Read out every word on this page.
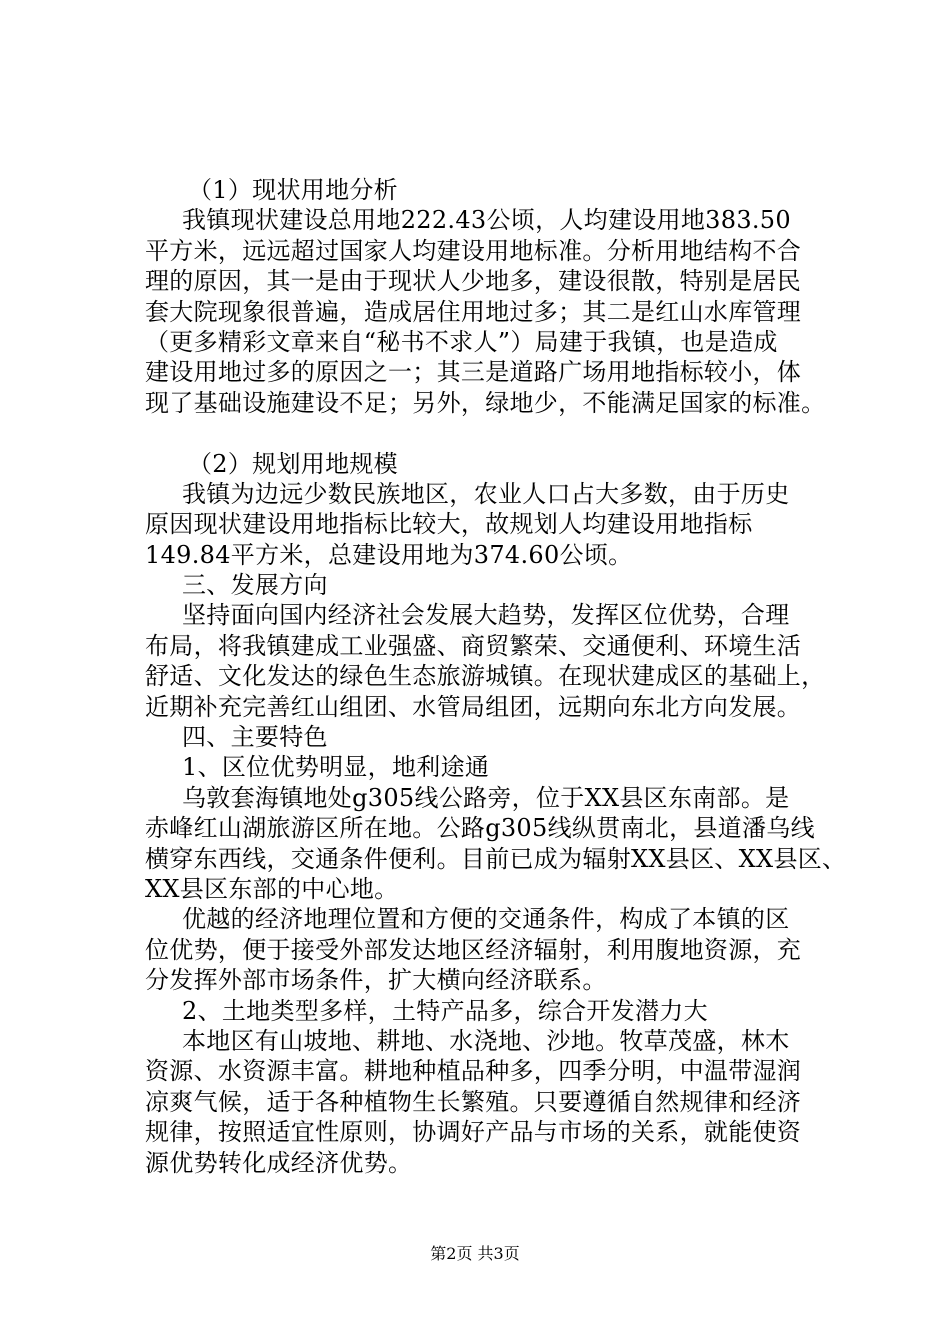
（1）现状用地分析
我镇现状建设总用地222.43公顷，人均建设用地383.50
平方米，远远超过国家人均建设用地标准。分析用地结构不合
理的原因，其一是由于现状人少地多，建设很散，特别是居民
套大院现象很普遍，造成居住用地过多；其二是红山水库管理
（更多精彩文章来自“秘书不求人”）局建于我镇，也是造成
建设用地过多的原因之一；其三是道路广场用地指标较小，体
现了基础设施建设不足；另外，绿地少，不能满足国家的标准。
（2）规划用地规模
我镇为边远少数民族地区，农业人口占大多数，由于历史
原因现状建设用地指标比较大，故规划人均建设用地指标
149.84平方米，总建设用地为374.60公顷。
三、发展方向
坚持面向国内经济社会发展大趋势，发挥区位优势，合理
布局，将我镇建成工业强盛、商贸繁荣、交通便利、环境生活
舒适、文化发达的绿色生态旅游城镇。在现状建成区的基础上，
近期补充完善红山组团、水管局组团，远期向东北方向发展。
四、主要特色
1、区位优势明显，地利途通
乌敦套海镇地处g305线公路旁，位于XX县区东南部。是
赤峰红山湖旅游区所在地。公路g305线纵贯南北，县道潘乌线
横穿东西线，交通条件便利。目前已成为辐射XX县区、XX县区、
XX县区东部的中心地。
优越的经济地理位置和方便的交通条件，构成了本镇的区
位优势，便于接受外部发达地区经济辐射，利用腹地资源，充
分发挥外部市场条件，扩大横向经济联系。
2、土地类型多样，土特产品多，综合开发潜力大
本地区有山坡地、耕地、水浇地、沙地。牧草茂盛，林木
资源、水资源丰富。耕地种植品种多，四季分明，中温带湿润
凉爽气候，适于各种植物生长繁殖。只要遵循自然规律和经济
规律，按照适宜性原则，协调好产品与市场的关系，就能使资
源优势转化成经济优势。
第2页 共3页
